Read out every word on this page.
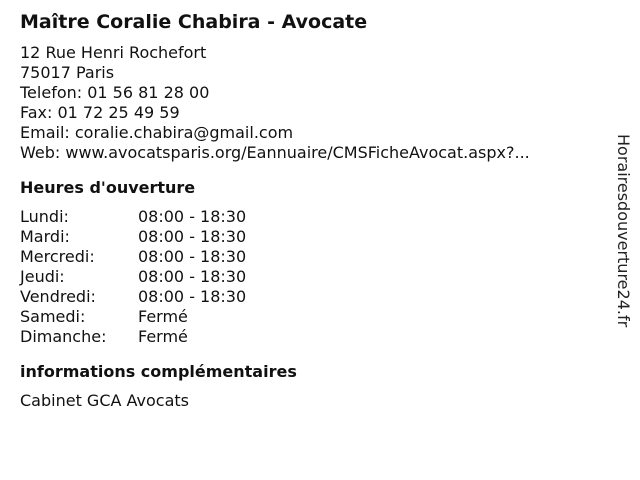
Maître Coralie Chabira - Avocate
12 Rue Henri Rochefort
75017 Paris
Telefon: 01 56 81 28 00
Fax: 01 72 25 49 59
Email: coralie.chabira@gmail.com
Web: www.avocatsparis.org/Eannuaire/CMSFicheAvocat.aspx?...
Heures d'ouverture
Lundi:	08:00 - 18:30
Mardi:	08:00 - 18:30
Mercredi:	08:00 - 18:30
Jeudi:	08:00 - 18:30
Vendredi:	08:00 - 18:30
Samedi:	Fermé
Dimanche: Fermé
informations complémentaires
Cabinet GCA Avocats
Horairesdouverture24.fr
